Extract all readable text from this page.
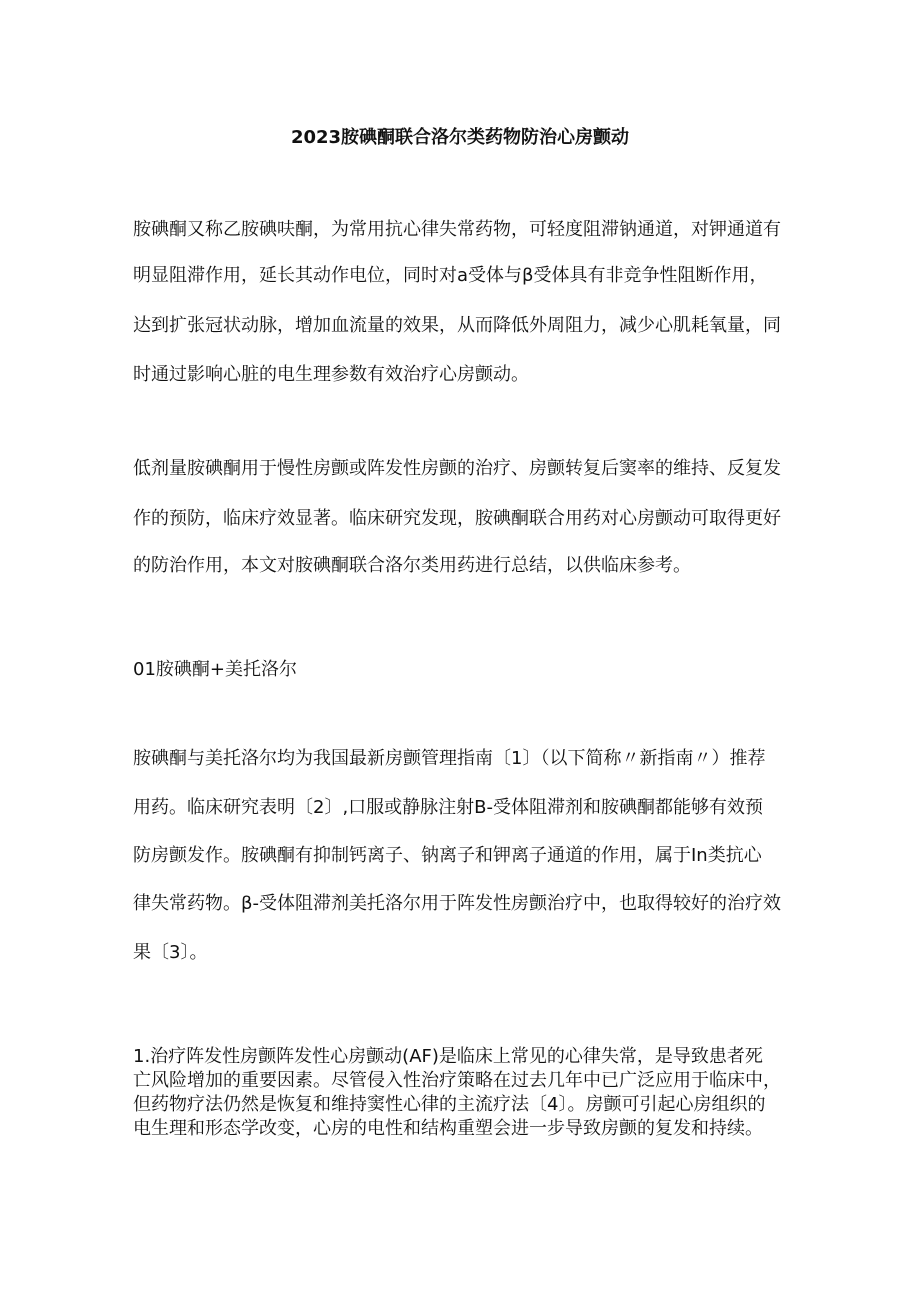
2023胺碘酮联合洛尔类药物防治心房颤动
胺碘酮又称乙胺碘呋酮，为常用抗心律失常药物，可轻度阻滞钠通道，对钾通道有
明显阻滞作用，延长其动作电位，同时对a受体与β受体具有非竞争性阻断作用，
达到扩张冠状动脉，增加血流量的效果，从而降低外周阻力，减少心肌耗氧量，同
时通过影响心脏的电生理参数有效治疗心房颤动。
低剂量胺碘酮用于慢性房颤或阵发性房颤的治疗、房颤转复后窦率的维持、反复发
作的预防，临床疗效显著。临床研究发现，胺碘酮联合用药对心房颤动可取得更好
的防治作用，本文对胺碘酮联合洛尔类用药进行总结，以供临床参考。
01胺碘酮+美托洛尔
胺碘酮与美托洛尔均为我国最新房颤管理指南〔1〕（以下简称〃新指南〃）推荐
用药。临床研究表明〔2〕,口服或静脉注射B-受体阻滞剂和胺碘酮都能够有效预
防房颤发作。胺碘酮有抑制钙离子、钠离子和钾离子通道的作用，属于In类抗心
律失常药物。β-受体阻滞剂美托洛尔用于阵发性房颤治疗中，也取得较好的治疗效
果〔3〕。
1.治疗阵发性房颤阵发性心房颤动(AF)是临床上常见的心律失常，是导致患者死
亡风险增加的重要因素。尽管侵入性治疗策略在过去几年中已广泛应用于临床中，
但药物疗法仍然是恢复和维持窦性心律的主流疗法〔4〕。房颤可引起心房组织的
电生理和形态学改变，心房的电性和结构重塑会进一步导致房颤的复发和持续。
